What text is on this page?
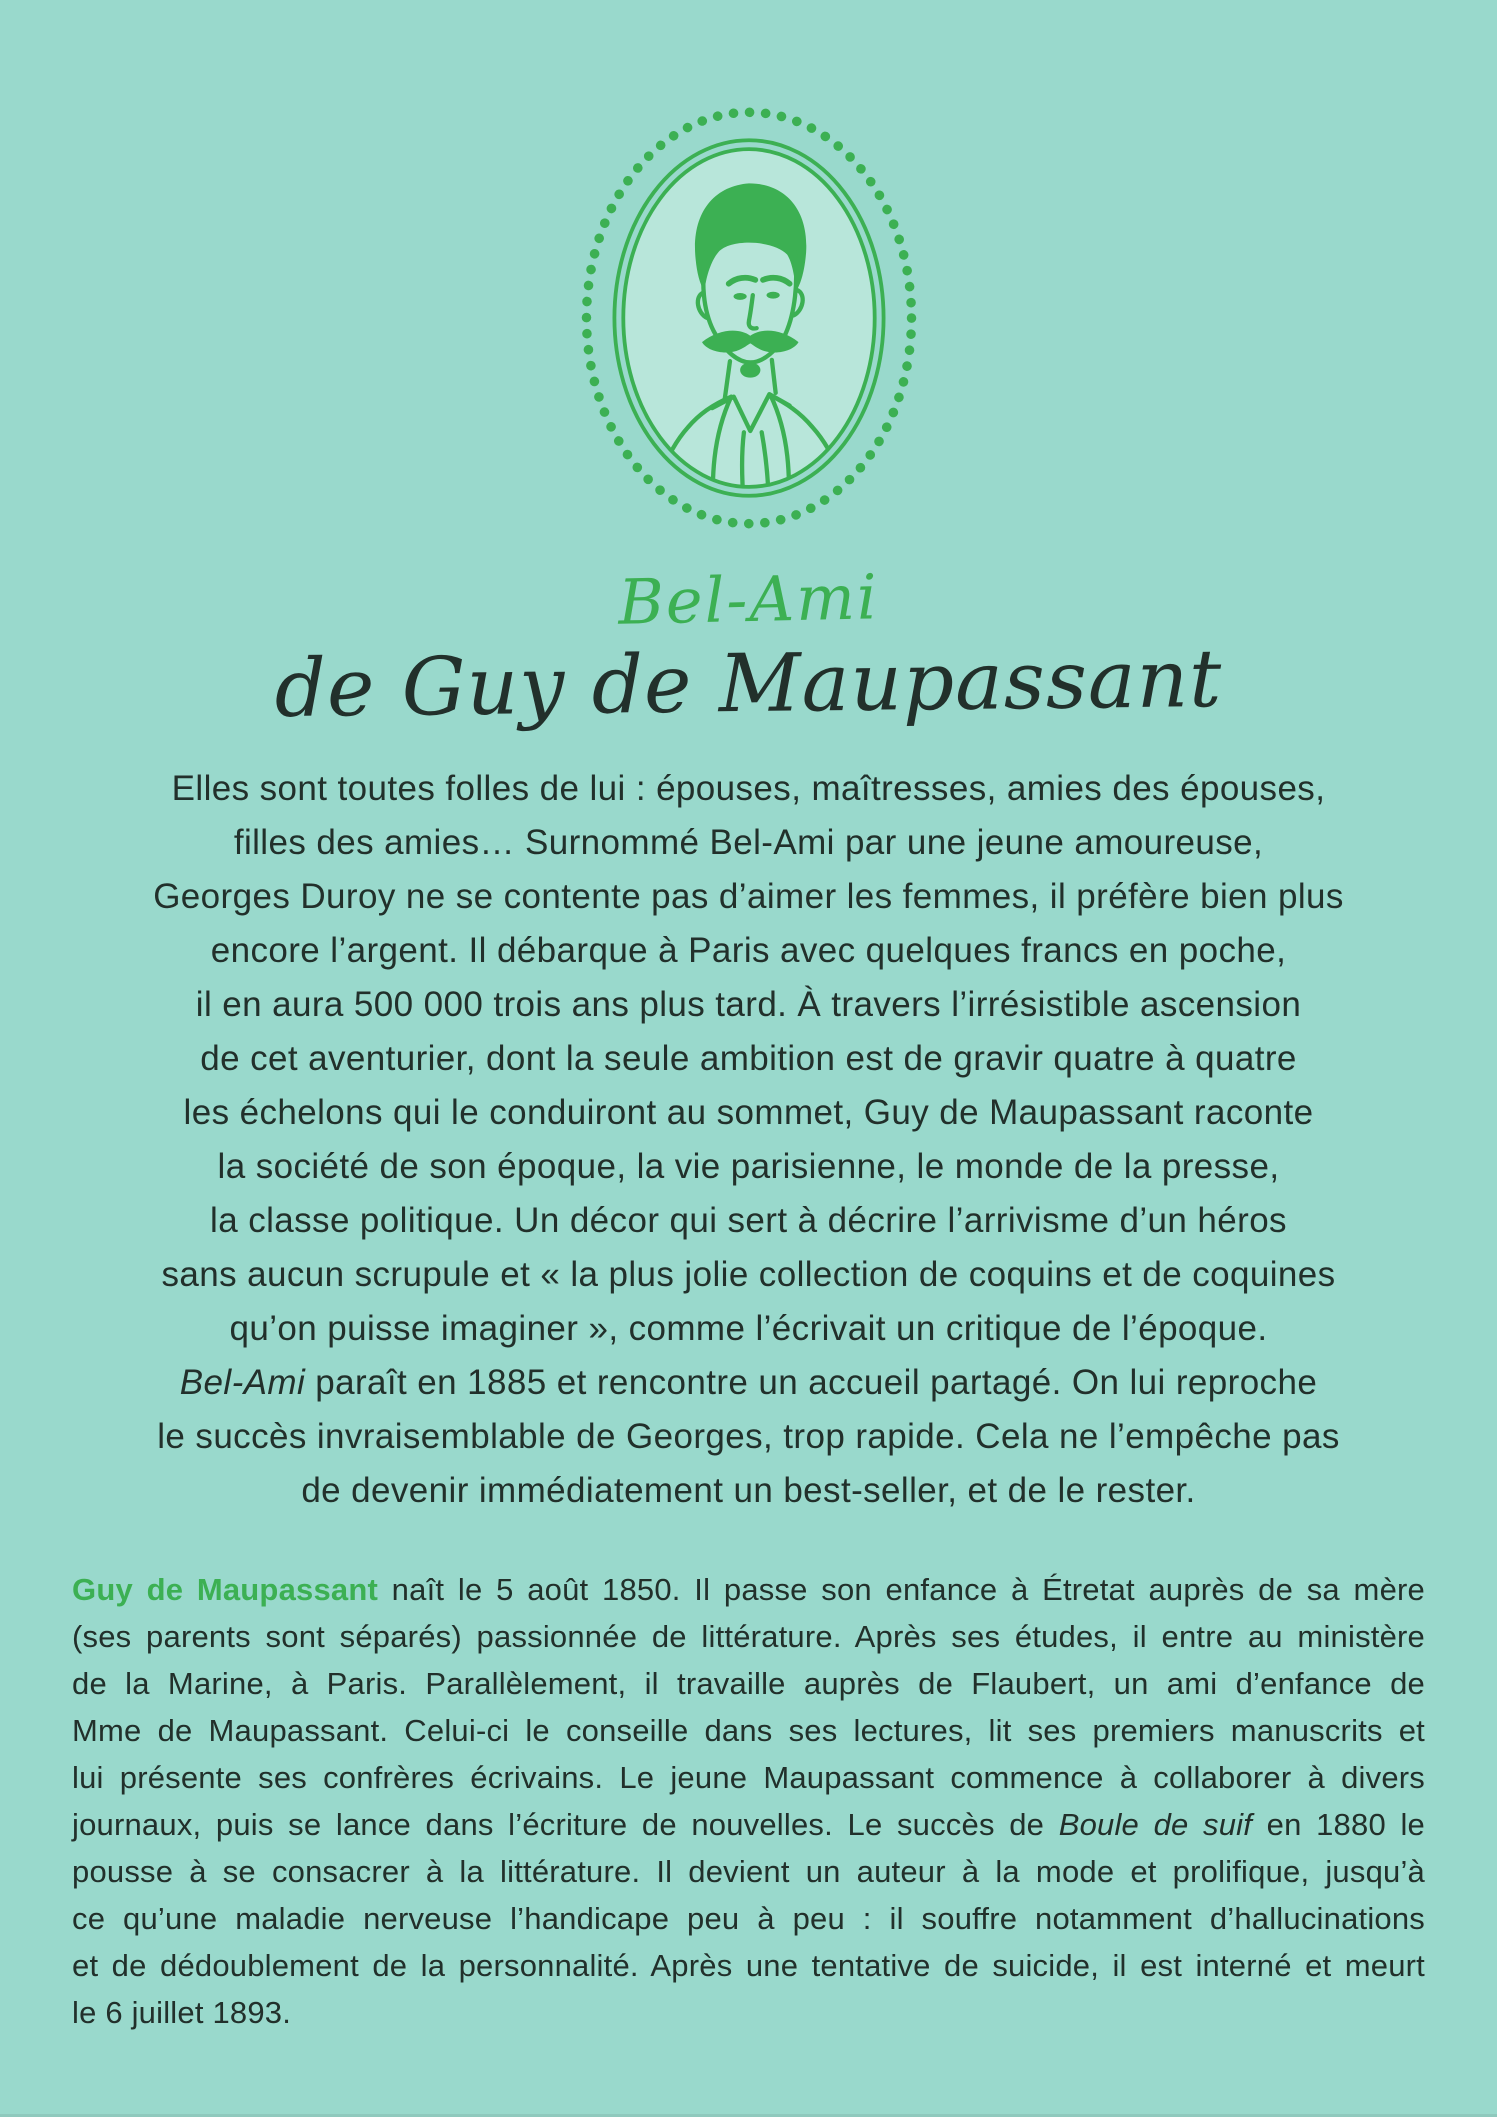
Bel-Ami
de Guy de Maupassant
Elles sont toutes folles de lui : épouses, maîtresses, amies des épouses,
filles des amies… Surnommé Bel-Ami par une jeune amoureuse,
Georges Duroy ne se contente pas d’aimer les femmes, il préfère bien plus
encore l’argent. Il débarque à Paris avec quelques francs en poche,
il en aura 500 000 trois ans plus tard. À travers l’irrésistible ascension
de cet aventurier, dont la seule ambition est de gravir quatre à quatre
les échelons qui le conduiront au sommet, Guy de Maupassant raconte
la société de son époque, la vie parisienne, le monde de la presse,
la classe politique. Un décor qui sert à décrire l’arrivisme d’un héros
sans aucun scrupule et « la plus jolie collection de coquins et de coquines
qu’on puisse imaginer », comme l’écrivait un critique de l’époque.
Bel-Ami paraît en 1885 et rencontre un accueil partagé. On lui reproche
le succès invraisemblable de Georges, trop rapide. Cela ne l’empêche pas
de devenir immédiatement un best-seller, et de le rester.
Guy de Maupassant naît le 5 août 1850. Il passe son enfance à Étretat auprès de sa mère
(ses parents sont séparés) passionnée de littérature. Après ses études, il entre au ministère
de la Marine, à Paris. Parallèlement, il travaille auprès de Flaubert, un ami d’enfance de
Mme de Maupassant. Celui-ci le conseille dans ses lectures, lit ses premiers manuscrits et
lui présente ses confrères écrivains. Le jeune Maupassant commence à collaborer à divers
journaux, puis se lance dans l’écriture de nouvelles. Le succès de Boule de suif en 1880 le
pousse à se consacrer à la littérature. Il devient un auteur à la mode et prolifique, jusqu’à
ce qu’une maladie nerveuse l’handicape peu à peu : il souffre notamment d’hallucinations
et de dédoublement de la personnalité. Après une tentative de suicide, il est interné et meurt
le 6 juillet 1893.
